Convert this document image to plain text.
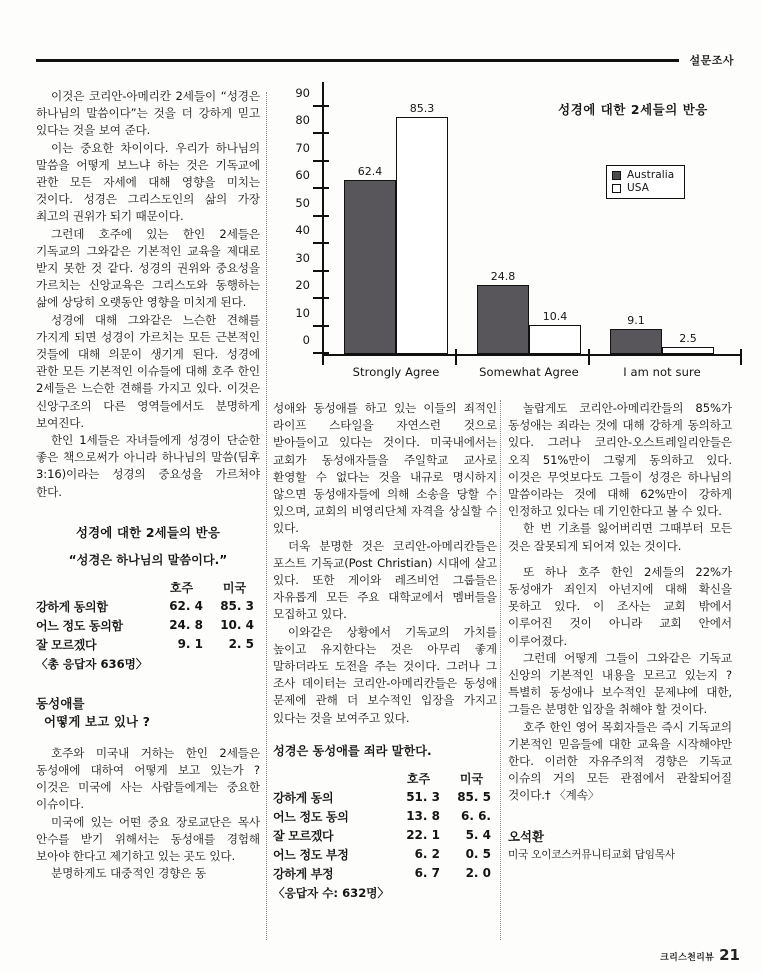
설문조사
성경에 대한 2세들의 반응
Australia
USA
0
10
20
30
40
50
60
70
80
90
62.4
85.3
Strongly Agree
24.8
10.4
Somewhat Agree
9.1
2.5
I am not sure

이것은 코리안-아메리칸 2세들이 “성경은 하나님의 말씀이다”는 것을 더 강하게 믿고 있다는 것을 보여 준다.

이는 중요한 차이이다. 우리가 하나님의 말씀을 어떻게 보느냐 하는 것은 기독교에 관한 모든 자세에 대해 영향을 미치는 것이다. 성경은 그리스도인의 삶의 가장 최고의 권위가 되기 때문이다.

그런데 호주에 있는 한인 2세들은 기독교의 그와같은 기본적인 교육을 제대로 받지 못한 것 같다. 성경의 권위와 중요성을 가르치는 신앙교육은 그리스도와 동행하는 삶에 상당히 오랫동안 영향을 미치게 된다.

성경에 대해 그와같은 느슨한 견해를 가지게 되면 성경이 가르치는 모든 근본적인 것들에 대해 의문이 생기게 된다. 성경에 관한 모든 기본적인 이슈들에 대해 호주 한인 2세들은 느슨한 견해를 가지고 있다. 이것은 신앙구조의 다른 영역들에서도 분명하게 보여진다.

한인 1세들은 자녀들에게 성경이 단순한 좋은 책으로써가 아니라 하나님의 말씀(딤후 3:16)이라는 성경의 중요성을 가르쳐야 한다.

성경에 대한 2세들의 반응
“성경은 하나님의 말씀이다.”
	호주	미국
강하게 동의함	62. 4	85. 3
어느 정도 동의함	24. 8	10. 4
잘 모르겠다	9. 1	2. 5
〈총 응답자 636명〉
동성애를
어떻게 보고 있나 ?

호주와 미국내 거하는 한인 2세들은 동성애에 대하여 어떻게 보고 있는가 ? 이것은 미국에 사는 사람들에게는 중요한 이슈이다.

미국에 있는 어떤 중요 장로교단은 목사 안수를 받기 위해서는 동성애를 경험해 보아야 한다고 제기하고 있는 곳도 있다.

분명하게도 대중적인 경향은 동

성애와 동성애를 하고 있는 이들의 죄적인 라이프 스타일을 자연스런 것으로 받아들이고 있다는 것이다. 미국내에서는 교회가 동성애자들을 주일학교 교사로 환영할 수 없다는 것을 내규로 명시하지 않으면 동성애자들에 의해 소송을 당할 수 있으며, 교회의 비영리단체 자격을 상실할 수 있다.

더욱 분명한 것은 코리안-아메리칸들은 포스트 기독교(Post Christian) 시대에 살고 있다. 또한 게이와 레즈비언 그룹들은 자유롭게 모든 주요 대학교에서 멤버들을 모집하고 있다.

이와같은 상황에서 기독교의 가치를 높이고 유지한다는 것은 아무리 좋게 말하더라도 도전을 주는 것이다. 그러나 그 조사 데이터는 코리안-아메리칸들은 동성애 문제에 관해 더 보수적인 입장을 가지고 있다는 것을 보여주고 있다.

성경은 동성애를 죄라 말한다.
	호주	미국
강하게 동의	51. 3	85. 5
어느 정도 동의	13. 8	6. 6.
잘 모르겠다	22. 1	5. 4
어느 정도 부정	6. 2	0. 5
강하게 부정	6. 7	2. 0
〈응답자 수: 632명〉

놀랍게도 코리안-아메리칸들의 85%가 동성애는 죄라는 것에 대해 강하게 동의하고 있다. 그러나 코리안-오스트레일리안들은 오직 51%만이 그렇게 동의하고 있다. 이것은 무엇보다도 그들이 성경은 하나님의 말씀이라는 것에 대해 62%만이 강하게 인정하고 있다는 데 기인한다고 볼 수 있다.

한 번 기초를 잃어버리면 그때부터 모든 것은 잘못되게 되어져 있는 것이다.

또 하나 호주 한인 2세들의 22%가 동성애가 죄인지 아넌지에 대해 확신을 못하고 있다. 이 조사는 교회 밖에서 이루어진 것이 아니라 교회 안에서 이루어졌다.

그런데 어떻게 그들이 그와같은 기독교 신앙의 기본적인 내용을 모르고 있는지 ? 특별히 동성애나 보수적인 문제냐에 대한, 그들은 분명한 입장을 취해야 할 것이다.

호주 한인 영어 목회자들은 즉시 기독교의 기본적인 믿음들에 대한 교육을 시작해야만 한다. 이러한 자유주의적 경향은 기독교 이슈의 거의 모든 관점에서 관찰되어질 것이다.† 〈계속〉

오석환
미국 오이코스커뮤니티교회 답임목사
크리스천리뷰 21
